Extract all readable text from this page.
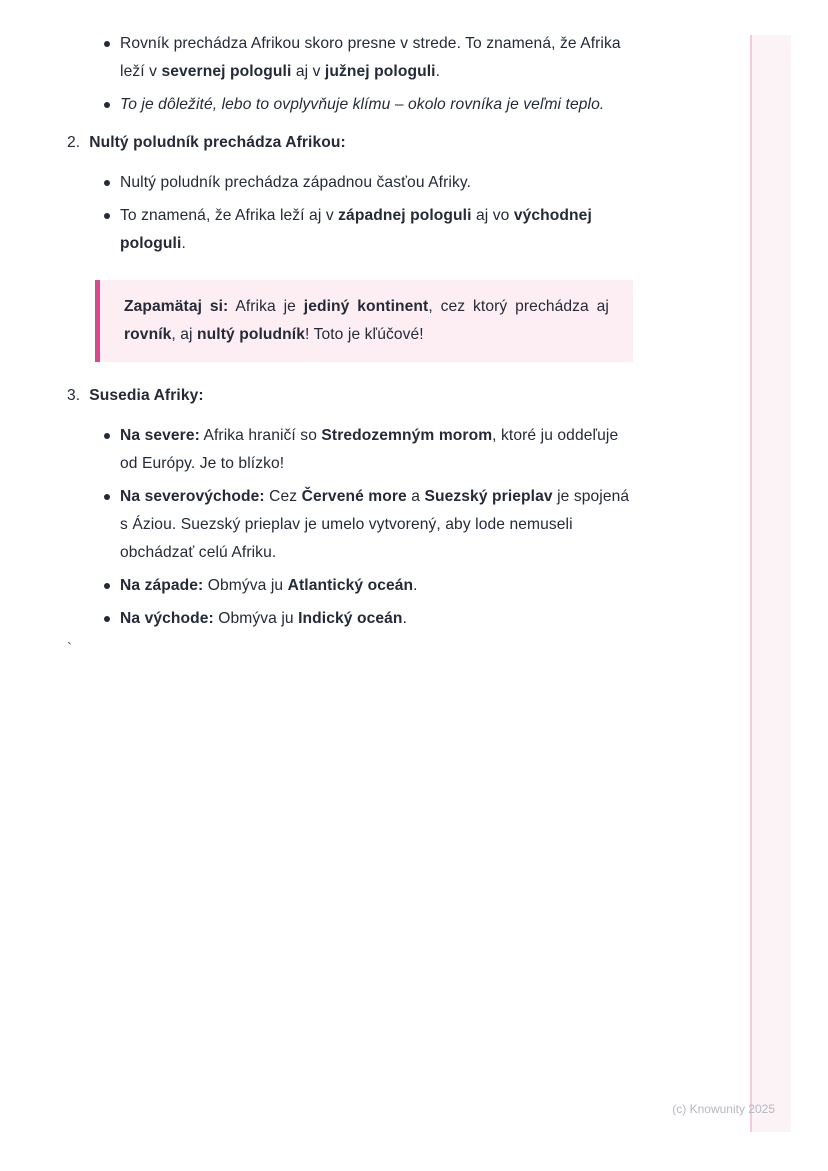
Rovník prechádza Afrikou skoro presne v strede. To znamená, že Afrika leží v severnej pologuli aj v južnej pologuli.
To je dôležité, lebo to ovplyvňuje klímu – okolo rovníka je veľmi teplo.
2. Nultý poludník prechádza Afrikou:
Nultý poludník prechádza západnou časťou Afriky.
To znamená, že Afrika leží aj v západnej pologuli aj vo východnej pologuli.

Zapamätaj si: Afrika je jediný kontinent, cez ktorý prechádza aj rovník, aj nultý poludník! Toto je kľúčové!

3. Susedia Afriky:
Na severe: Afrika hraničí so Stredozemným morom, ktoré ju oddeľuje od Európy. Je to blízko!
Na severovýchode: Cez Červené more a Suezský prieplav je spojená s Áziou. Suezský prieplav je umelo vytvorený, aby lode nemuseli obchádzať celú Afriku.
Na západe: Obmýva ju Atlantický oceán.
Na východe: Obmýva ju Indický oceán.
`
(c) Knowunity 2025
